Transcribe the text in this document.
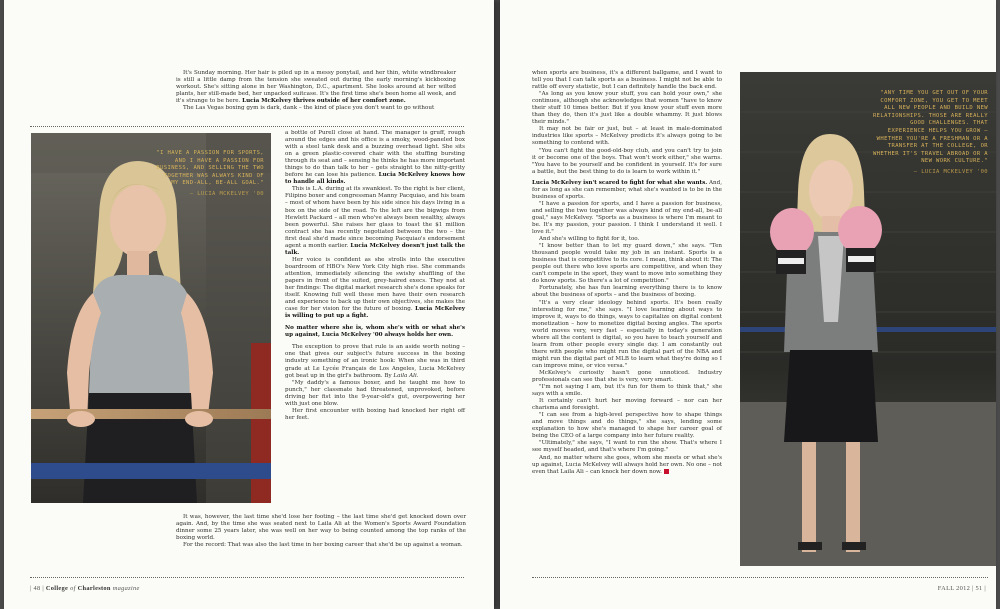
It's Sunday morning. Her hair is piled up in a messy ponytail, and her thin, white windbreaker is still a little damp from the tension she sweated out during the early morning's kickboxing workout. She's sitting alone in her Washington, D.C., apartment. She looks around at her wilted plants, her still-made bed, her unpacked suitcase. It's the first time she's been home all week, and it's strange to be here. Lucia McKelvey thrives outside of her comfort zone.

The Las Vegas boxing gym is dark, dank – the kind of place you don't want to go without

"I HAVE A PASSION FOR SPORTS, AND I HAVE A PASSION FOR BUSINESS, AND SELLING THE TWO TOGETHER WAS ALWAYS KIND OF MY END-ALL, BE-ALL GOAL."
– LUCIA MCKELVEY '00

a bottle of Purell close at hand. The manager is gruff, rough around the edges and his office is a smoky, wood-paneled box with a steel tank desk and a buzzing overhead light. She sits on a green plastic-covered chair with the stuffing bursting through its seat and – sensing he thinks he has more important things to do than talk to her – gets straight to the nitty-gritty before he can lose his patience. Lucia McKelvey knows how to handle all kinds.

This is L.A. during at its swankiest. To the right is her client, Filipino boxer and congressman Manny Pacquiao, and his team – most of whom have been by his side since his days living in a box on the side of the road. To the left are the bigwigs from Hewlett Packard – all men who've always been wealthy, always been powerful. She raises her glass to toast the $1 million contract she has recently negotiated between the two – the first deal she'd made since becoming Pacquiao's endorsement agent a month earlier. Lucia McKelvey doesn't just talk the talk.

Her voice is confident as she strolls into the executive boardroom of HBO's New York City high rise. She commands attention, immediately silencing the swishy shuffling of the papers in front of the suited, grey-haired execs. They nod at her findings: The digital market research she's done speaks for itself. Knowing full well these men have their own research and experience to back up their own objectives, she makes the case for her vision for the future of boxing. Lucia McKelvey is willing to put up a fight.

No matter where she is, whom she's with or what she's up against, Lucia McKelvey '00 always holds her own.

The exception to prove that rule is an aside worth noting – one that gives our subject's future success in the boxing industry something of an ironic hook: When she was in third grade at Le Lycée Français de Los Angeles, Lucia McKelvey got beat up in the girl's bathroom. By Laila Ali.

"My daddy's a famous boxer, and he taught me how to punch," her classmate had threatened, unprovoked, before driving her fist into the 9-year-old's gut, overpowering her with just one blow.

Her first encounter with boxing had knocked her right off her feet.

It was, however, the last time she'd lose her footing – the last time she'd get knocked down over again. And, by the time she was seated next to Laila Ali at the Women's Sports Award Foundation dinner some 25 years later, she was well on her way to being counted among the top ranks of the boxing world.

For the record: That was also the last time in her boxing career that she'd be up against a woman.

| 48 | College of Charleston magazine

when sports are business, it's a different ballgame, and I want to tell you that I can talk sports as a business. I might not be able to rattle off every statistic, but I can definitely handle the back end.

"As long as you know your stuff, you can hold your own," she continues, although she acknowledges that women "have to know their stuff 10 times better. But if you know your stuff even more than they do, then it's just like a double whammy. It just blows their minds."

It may not be fair or just, but – at least in male-dominated industries like sports – McKelvey predicts it's always going to be something to contend with.

"You can't fight the good-old-boy club, and you can't try to join it or become one of the boys. That won't work either," she warns. "You have to be yourself and be confident in yourself. It's for sure a battle, but the best thing to do is learn to work within it."

Lucia McKelvey isn't scared to fight for what she wants. And, for as long as she can remember, what she's wanted is to be in the business of sports.

"I have a passion for sports, and I have a passion for business, and selling the two together was always kind of my end-all, be-all goal," says McKelvey. "Sports as a business is where I'm meant to be. It's my passion, your passion. I think I understand it well. I love it."

And she's willing to fight for it, too.

"I know better than to let my guard down," she says. "Ten thousand people would take my job in an instant. Sports is a business that is competitive to its core. I mean, think about it: The people out there who love sports are competitive, and when they can't compete in the sport, they want to move into something they do know sports. So there's a lot of competition."

Fortunately, she has fun learning everything there is to know about the business of sports – and the business of boxing.

"It's a very clear ideology behind sports. It's been really interesting for me," she says. "I love learning about ways to improve it, ways to do things, ways to capitalize on digital content monetization – how to monetize digital boxing angles. The sports world moves very, very fast – especially in today's generation where all the content is digital, so you have to teach yourself and learn from other people every single day. I am constantly out there with people who might run the digital part of the NBA and might run the digital part of MLB to learn what they're doing so I can improve mine, or vice versa."

McKelvey's curiosity hasn't gone unnoticed. Industry professionals can see that she is very, very smart.

"I'm not saying I am, but it's fun for them to think that," she says with a smile.

It certainly can't hurt her moving forward – nor can her charisma and foresight.

"I can see from a high-level perspective how to shape things and move things and do things," she says, lending some explanation to how she's managed to shape her career goal of being the CEO of a large company into her future reality.

"Ultimately," she says, "I want to run the show. That's where I see myself headed, and that's where I'm going."

And, no matter where she goes, whom she meets or what she's up against, Lucia McKelvey will always hold her own. No one – not even that Laila Ali – can knock her down now.

"ANY TIME YOU GET OUT OF YOUR COMFORT ZONE, YOU GET TO MEET ALL NEW PEOPLE AND BUILD NEW RELATIONSHIPS. THOSE ARE REALLY GOOD CHALLENGES. THAT EXPERIENCE HELPS YOU GROW – WHETHER YOU'RE A FRESHMAN OR A TRANSFER AT THE COLLEGE, OR WHETHER IT'S TRAVEL ABROAD OR A NEW WORK CULTURE."
– LUCIA MCKELVEY '00
FALL 2012 | 51 |
